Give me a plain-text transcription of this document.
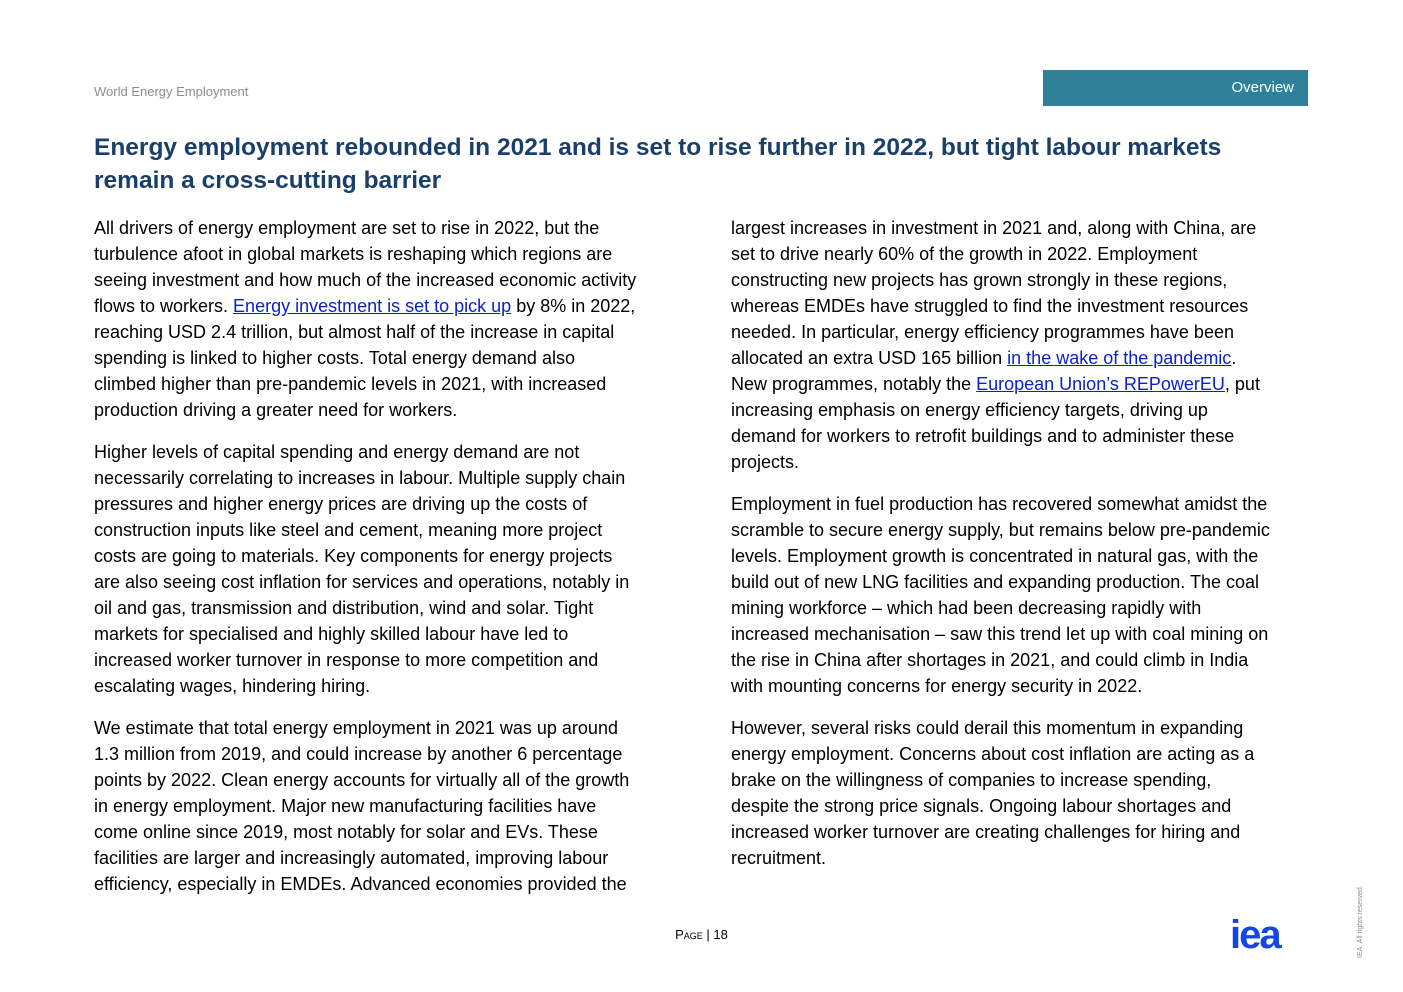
World Energy Employment	Overview
Energy employment rebounded in 2021 and is set to rise further in 2022, but tight labour markets
remain a cross-cutting barrier

All drivers of energy employment are set to rise in 2022, but the
turbulence afoot in global markets is reshaping which regions are
seeing investment and how much of the increased economic activity
flows to workers. Energy investment is set to pick up by 8% in 2022,
reaching USD 2.4 trillion, but almost half of the increase in capital
spending is linked to higher costs. Total energy demand also
climbed higher than pre-pandemic levels in 2021, with increased
production driving a greater need for workers.

Higher levels of capital spending and energy demand are not
necessarily correlating to increases in labour. Multiple supply chain
pressures and higher energy prices are driving up the costs of
construction inputs like steel and cement, meaning more project
costs are going to materials. Key components for energy projects
are also seeing cost inflation for services and operations, notably in
oil and gas, transmission and distribution, wind and solar. Tight
markets for specialised and highly skilled labour have led to
increased worker turnover in response to more competition and
escalating wages, hindering hiring.

We estimate that total energy employment in 2021 was up around
1.3 million from 2019, and could increase by another 6 percentage
points by 2022. Clean energy accounts for virtually all of the growth
in energy employment. Major new manufacturing facilities have
come online since 2019, most notably for solar and EVs. These
facilities are larger and increasingly automated, improving labour
efficiency, especially in EMDEs. Advanced economies provided the

largest increases in investment in 2021 and, along with China, are
set to drive nearly 60% of the growth in 2022. Employment
constructing new projects has grown strongly in these regions,
whereas EMDEs have struggled to find the investment resources
needed. In particular, energy efficiency programmes have been
allocated an extra USD 165 billion in the wake of the pandemic.
New programmes, notably the European Union’s REPowerEU, put
increasing emphasis on energy efficiency targets, driving up
demand for workers to retrofit buildings and to administer these
projects.

Employment in fuel production has recovered somewhat amidst the
scramble to secure energy supply, but remains below pre-pandemic
levels. Employment growth is concentrated in natural gas, with the
build out of new LNG facilities and expanding production. The coal
mining workforce – which had been decreasing rapidly with
increased mechanisation – saw this trend let up with coal mining on
the rise in China after shortages in 2021, and could climb in India
with mounting concerns for energy security in 2022.

However, several risks could derail this momentum in expanding
energy employment. Concerns about cost inflation are acting as a
brake on the willingness of companies to increase spending,
despite the strong price signals. Ongoing labour shortages and
increased worker turnover are creating challenges for hiring and
recruitment.

Page | 18	iea	IEA. All rights reserved.
